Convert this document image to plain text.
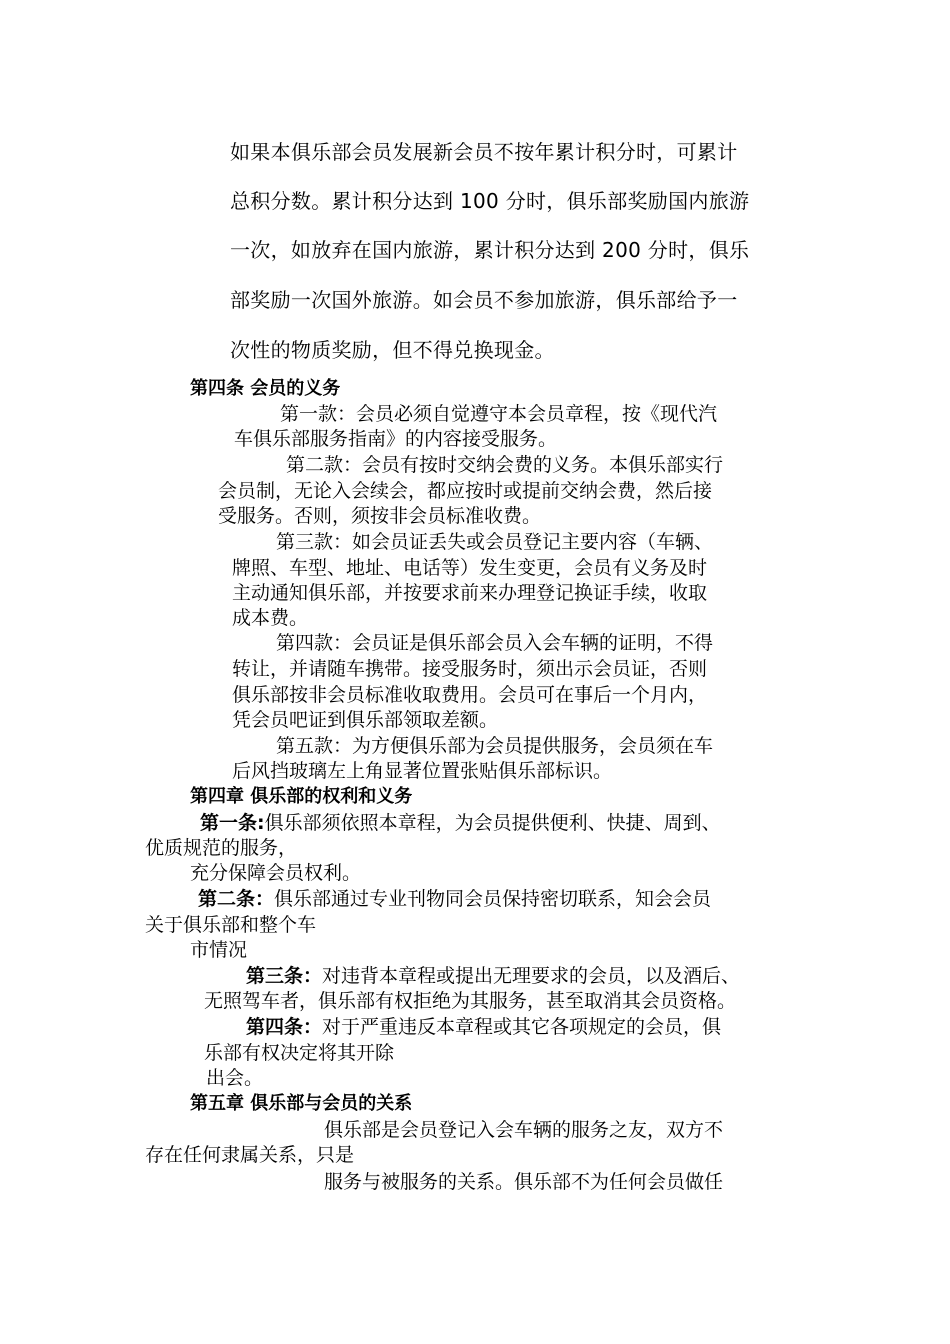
如果本俱乐部会员发展新会员不按年累计积分时，可累计

总积分数。累计积分达到 100 分时，俱乐部奖励国内旅游

一次，如放弃在国内旅游，累计积分达到 200 分时，俱乐

部奖励一次国外旅游。如会员不参加旅游，俱乐部给予一

次性的物质奖励，但不得兑换现金。

第四条 会员的义务

第一款：会员必须自觉遵守本会员章程，按《现代汽

车俱乐部服务指南》的内容接受服务。

第二款：会员有按时交纳会费的义务。本俱乐部实行

会员制，无论入会续会，都应按时或提前交纳会费，然后接

受服务。否则，须按非会员标准收费。

第三款：如会员证丢失或会员登记主要内容（车辆、

牌照、车型、地址、电话等）发生变更，会员有义务及时

主动通知俱乐部，并按要求前来办理登记换证手续，收取

成本费。

第四款：会员证是俱乐部会员入会车辆的证明，不得

转让，并请随车携带。接受服务时，须出示会员证，否则

俱乐部按非会员标准收取费用。会员可在事后一个月内，

凭会员吧证到俱乐部领取差额。

第五款：为方便俱乐部为会员提供服务，会员须在车

后风挡玻璃左上角显著位置张贴俱乐部标识。

第四章 俱乐部的权利和义务

第一条:俱乐部须依照本章程，为会员提供便利、快捷、周到、

优质规范的服务，

充分保障会员权利。

第二条：俱乐部通过专业刊物同会员保持密切联系，知会会员

关于俱乐部和整个车

市情况

第三条：对违背本章程或提出无理要求的会员，以及酒后、

无照驾车者，俱乐部有权拒绝为其服务，甚至取消其会员资格。

第四条：对于严重违反本章程或其它各项规定的会员，俱

乐部有权决定将其开除

出会。

第五章 俱乐部与会员的关系

俱乐部是会员登记入会车辆的服务之友，双方不

存在任何隶属关系，只是

服务与被服务的关系。俱乐部不为任何会员做任
